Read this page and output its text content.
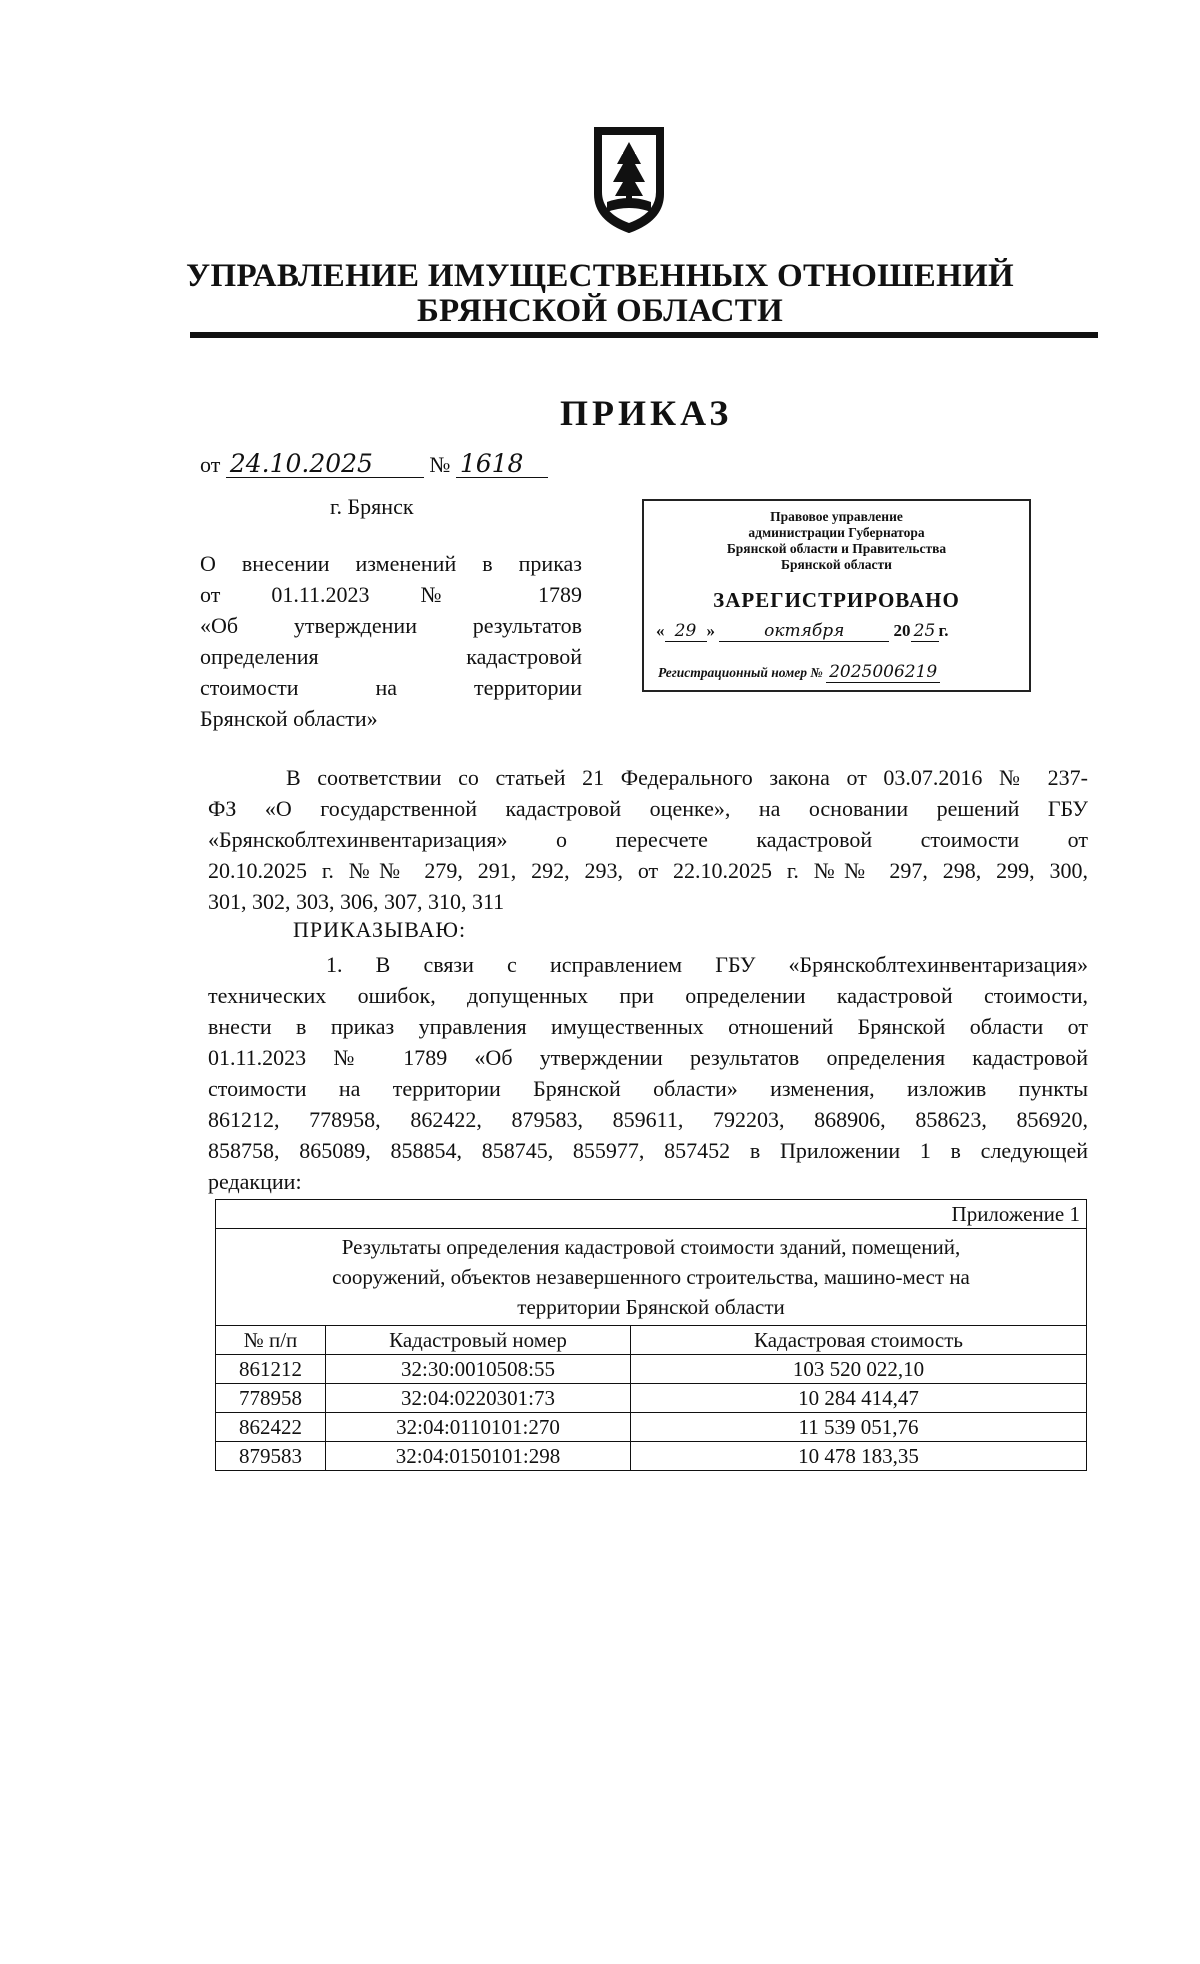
УПРАВЛЕНИЕ ИМУЩЕСТВЕННЫХ ОТНОШЕНИЙ
БРЯНСКОЙ ОБЛАСТИ
ПРИКАЗ
от 24.10.2025	№ 1618
г. Брянск
О внесении изменений в приказ
от 01.11.2023 № 1789
«Об утверждении результатов
определения кадастровой
стоимости на территории
Брянской области»
Правовое управление
администрации Губернатора
Брянской области и Правительства
Брянской области
ЗАРЕГИСТРИРОВАНО
« 29 »	октября	20 25 г.
Регистрационный номер № 2025006219
В соответствии со статьей 21 Федерального закона от 03.07.2016 № 237-
ФЗ «О государственной кадастровой оценке», на основании решений ГБУ
«Брянскоблтехинвентаризация» о пересчете кадастровой стоимости от
20.10.2025 г. №№ 279, 291, 292, 293, от 22.10.2025 г. №№ 297, 298, 299, 300,
301, 302, 303, 306, 307, 310, 311
ПРИКАЗЫВАЮ:
1. В связи с исправлением ГБУ «Брянскоблтехинвентаризация»
технических ошибок, допущенных при определении кадастровой стоимости,
внести в приказ управления имущественных отношений Брянской области от
01.11.2023 № 1789 «Об утверждении результатов определения кадастровой
стоимости на территории Брянской области» изменения, изложив пункты
861212, 778958, 862422, 879583, 859611, 792203, 868906, 858623, 856920,
858758, 865089, 858854, 858745, 855977, 857452 в Приложении 1 в следующей
редакции:
Приложение 1		

Результаты определения кадастровой стоимости зданий, помещений,
сооружений, объектов незавершенного строительства, машино-мест на
территории Брянской области		

№ п/п	Кадастровый номер	Кадастровая стоимость
861212	32:30:0010508:55	103 520 022,10
778958	32:04:0220301:73	10 284 414,47
862422	32:04:0110101:270	11 539 051,76
879583	32:04:0150101:298	10 478 183,35
